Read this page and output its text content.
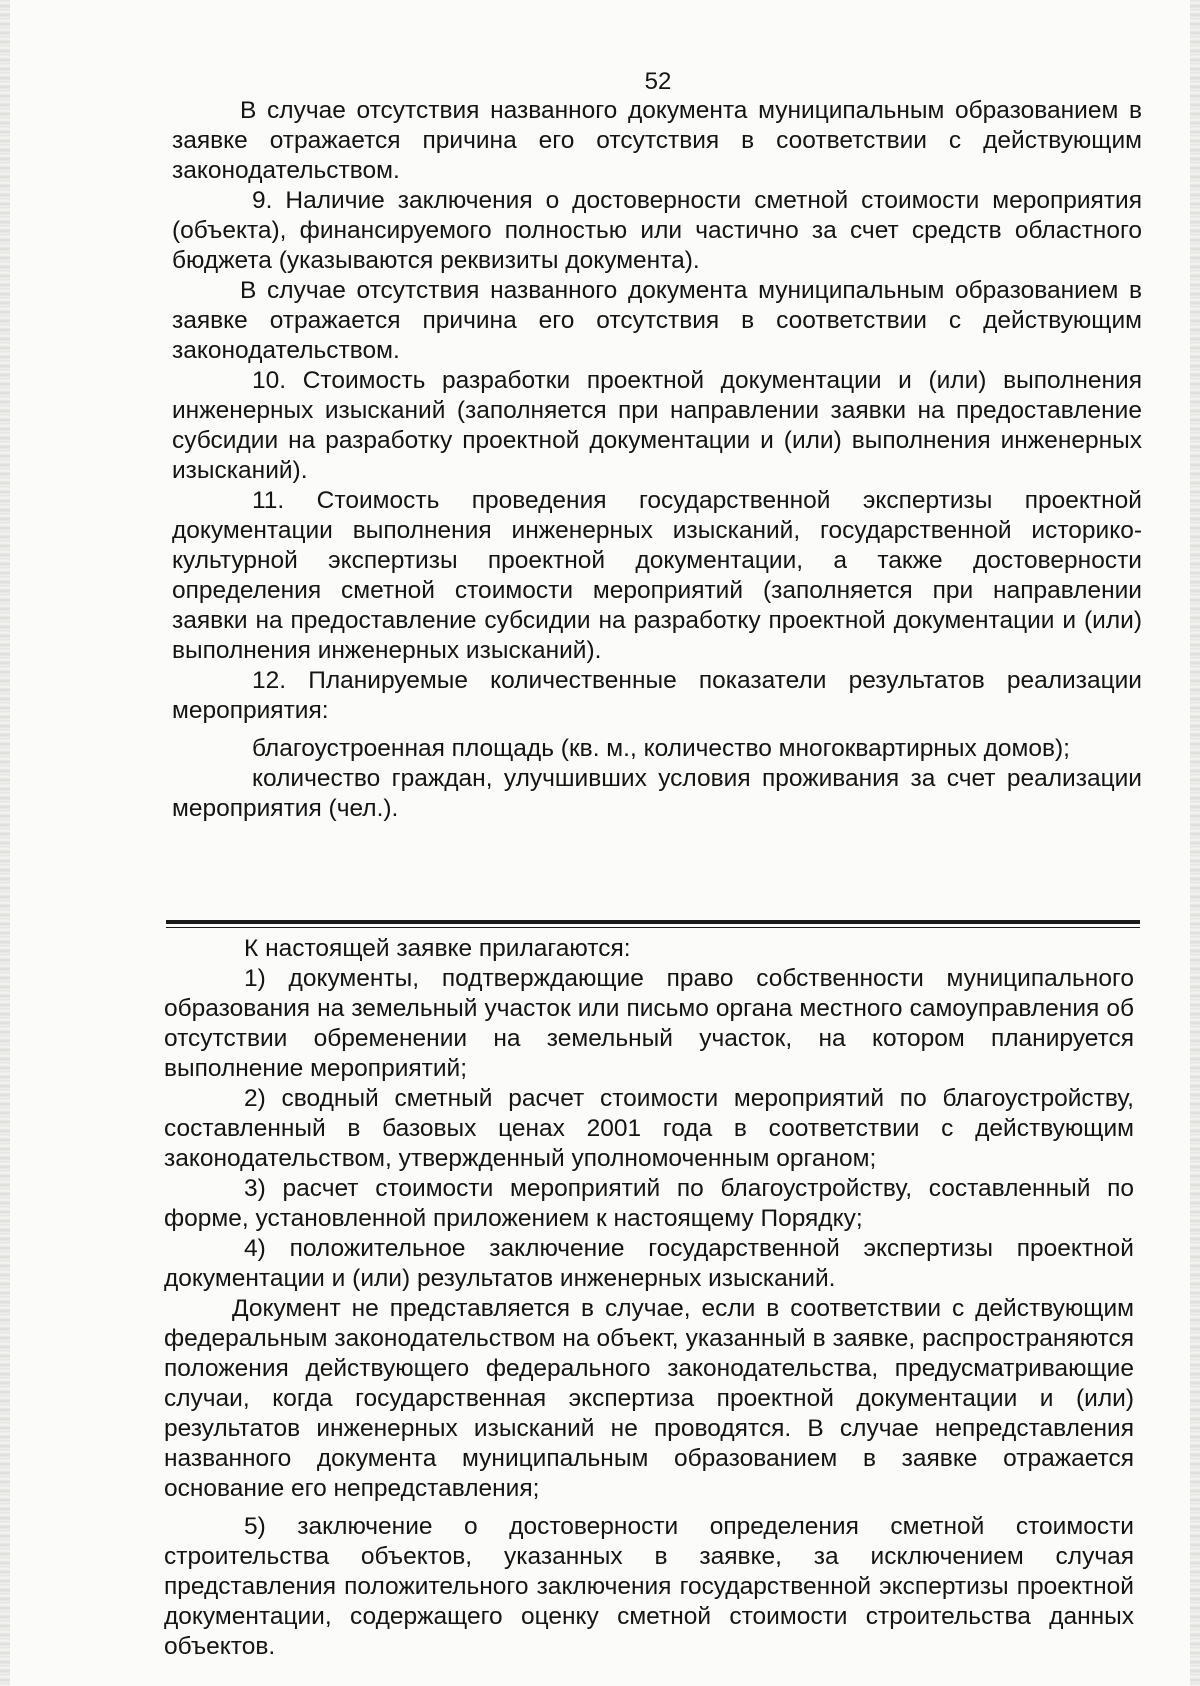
52

В случае отсутствия названного документа муниципальным образованием в заявке отражается причина его отсутствия в соответствии с действующим законодательством.

9. Наличие заключения о достоверности сметной стоимости мероприятия (объекта), финансируемого полностью или частично за счет средств областного бюджета (указываются реквизиты документа).

В случае отсутствия названного документа муниципальным образованием в заявке отражается причина его отсутствия в соответствии с действующим законодательством.

10. Стоимость разработки проектной документации и (или) выполнения инженерных изысканий (заполняется при направлении заявки на предоставление субсидии на разработку проектной документации и (или) выполнения инженерных изысканий).

11. Стоимость проведения государственной экспертизы проектной документации выполнения инженерных изысканий, государственной историко-культурной экспертизы проектной документации, а также достоверности определения сметной стоимости мероприятий (заполняется при направлении заявки на предоставление субсидии на разработку проектной документации и (или) выполнения инженерных изысканий).

12. Планируемые количественные показатели результатов реализации мероприятия:

благоустроенная площадь (кв. м., количество многоквартирных домов);

количество граждан, улучшивших условия проживания за счет реализации мероприятия (чел.).

К настоящей заявке прилагаются:

1) документы, подтверждающие право собственности муниципального образования на земельный участок или письмо органа местного самоуправления об отсутствии обременении на земельный участок, на котором планируется выполнение мероприятий;

2) сводный сметный расчет стоимости мероприятий по благоустройству, составленный в базовых ценах 2001 года в соответствии с действующим законодательством, утвержденный уполномоченным органом;

3) расчет стоимости мероприятий по благоустройству, составленный по форме, установленной приложением к настоящему Порядку;

4) положительное заключение государственной экспертизы проектной документации и (или) результатов инженерных изысканий.

Документ не представляется в случае, если в соответствии с действующим федеральным законодательством на объект, указанный в заявке, распространяются положения действующего федерального законодательства, предусматривающие случаи, когда государственная экспертиза проектной документации и (или) результатов инженерных изысканий не проводятся. В случае непредставления названного документа муниципальным образованием в заявке отражается основание его непредставления;

5) заключение о достоверности определения сметной стоимости строительства объектов, указанных в заявке, за исключением случая представления положительного заключения государственной экспертизы проектной документации, содержащего оценку сметной стоимости строительства данных объектов.
